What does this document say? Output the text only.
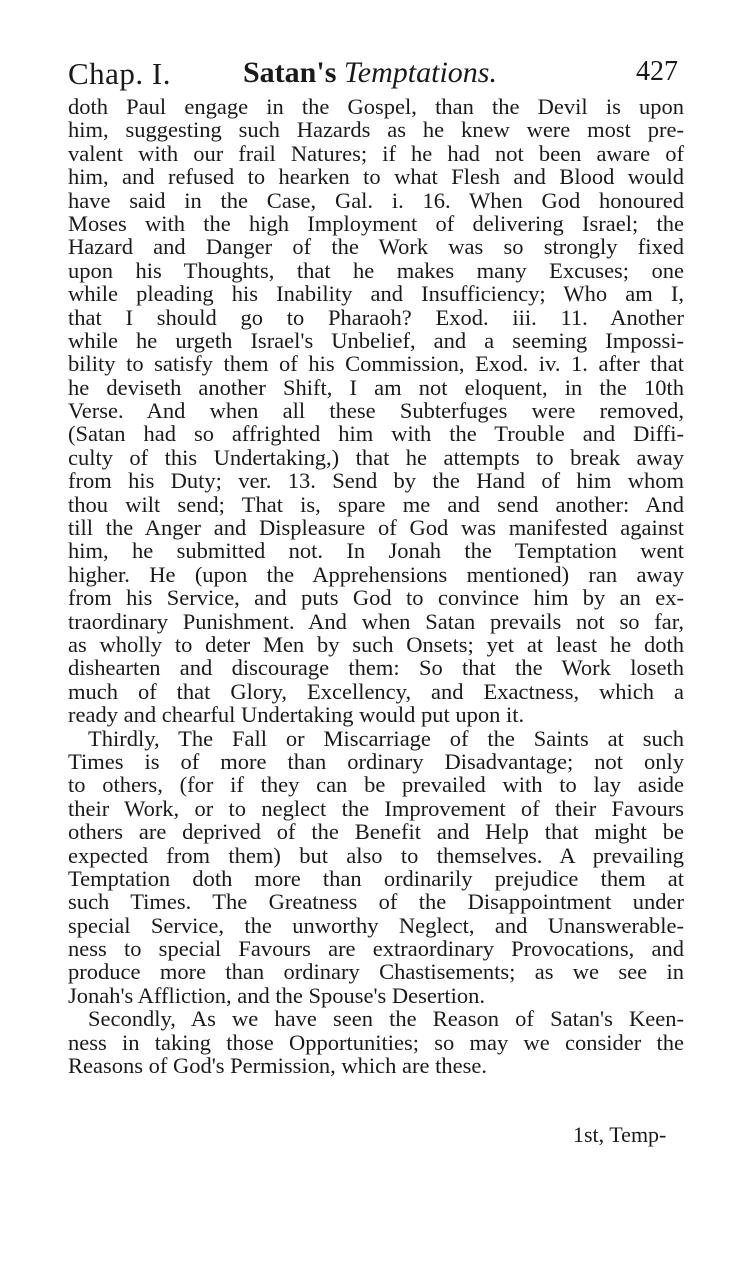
Chap. I. Satan's Temptations.	427
doth Paul engage in the Gospel, than the Devil is upon
him, suggesting such Hazards as he knew were most pre-
valent with our frail Natures; if he had not been aware of
him, and refused to hearken to what Flesh and Blood would
have said in the Case, Gal. i. 16. When God honoured
Moses with the high Imployment of delivering Israel; the
Hazard and Danger of the Work was so strongly fixed
upon his Thoughts, that he makes many Excuses; one
while pleading his Inability and Insufficiency; Who am I,
that I should go to Pharaoh? Exod. iii. 11. Another
while he urgeth Israel's Unbelief, and a seeming Impossi-
bility to satisfy them of his Commission, Exod. iv. 1. after that
he deviseth another Shift, I am not eloquent, in the 10th
Verse. And when all these Subterfuges were removed,
(Satan had so affrighted him with the Trouble and Diffi-
culty of this Undertaking,) that he attempts to break away
from his Duty; ver. 13. Send by the Hand of him whom
thou wilt send; That is, spare me and send another: And
till the Anger and Displeasure of God was manifested against
him, he submitted not. In Jonah the Temptation went
higher. He (upon the Apprehensions mentioned) ran away
from his Service, and puts God to convince him by an ex-
traordinary Punishment. And when Satan prevails not so far,
as wholly to deter Men by such Onsets; yet at least he doth
dishearten and discourage them: So that the Work loseth
much of that Glory, Excellency, and Exactness, which a
ready and chearful Undertaking would put upon it.
Thirdly, The Fall or Miscarriage of the Saints at such
Times is of more than ordinary Disadvantage; not only
to others, (for if they can be prevailed with to lay aside
their Work, or to neglect the Improvement of their Favours
others are deprived of the Benefit and Help that might be
expected from them) but also to themselves. A prevailing
Temptation doth more than ordinarily prejudice them at
such Times. The Greatness of the Disappointment under
special Service, the unworthy Neglect, and Unanswerable-
ness to special Favours are extraordinary Provocations, and
produce more than ordinary Chastisements; as we see in
Jonah's Affliction, and the Spouse's Desertion.
Secondly, As we have seen the Reason of Satan's Keen-
ness in taking those Opportunities; so may we consider the
Reasons of God's Permission, which are these.
1st, Temp-
